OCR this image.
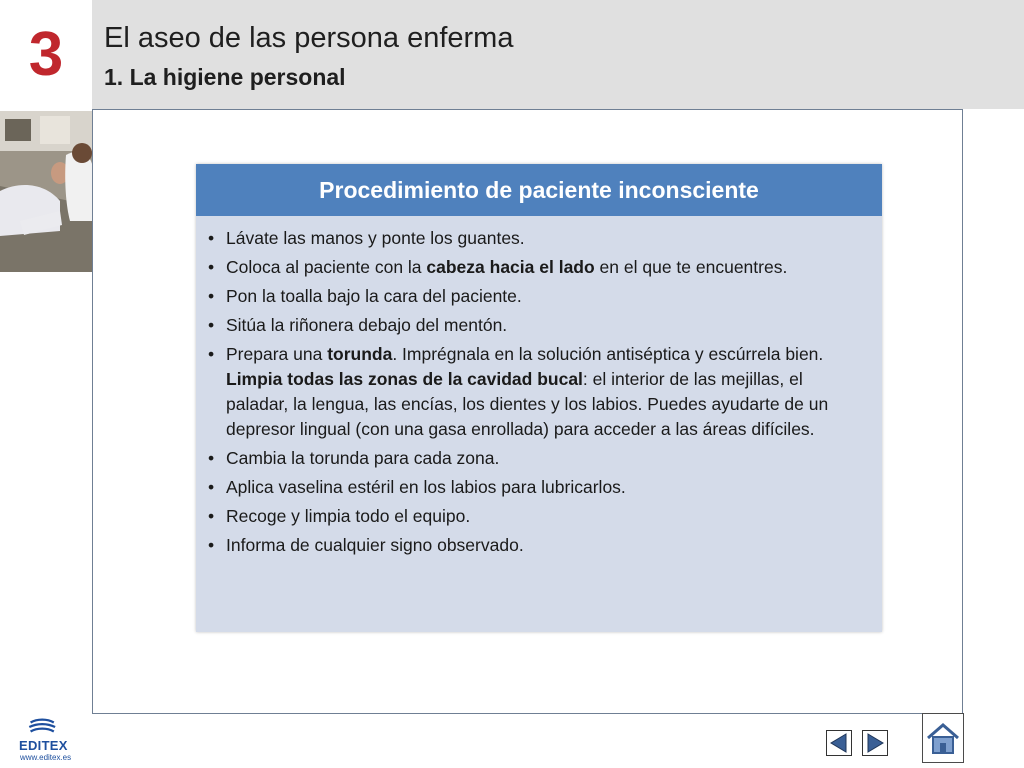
3	El aseo de las persona enferma
1. La higiene personal
Procedimiento de paciente inconsciente
• Lávate las manos y ponte los guantes.
• Coloca al paciente con la cabeza hacia el lado en el que te encuentres.
• Pon la toalla bajo la cara del paciente.
• Sitúa la riñonera debajo del mentón.
• Prepara una torunda. Imprégnala en la solución antiséptica y escúrrela bien. Limpia todas las zonas de la cavidad bucal: el interior de las mejillas, el paladar, la lengua, las encías, los dientes y los labios. Puedes ayudarte de un depresor lingual (con una gasa enrollada) para acceder a las áreas difíciles.
• Cambia la torunda para cada zona.
• Aplica vaselina estéril en los labios para lubricarlos.
• Recoge y limpia todo el equipo.
• Informa de cualquier signo observado.
EDITEX
www.editex.es
